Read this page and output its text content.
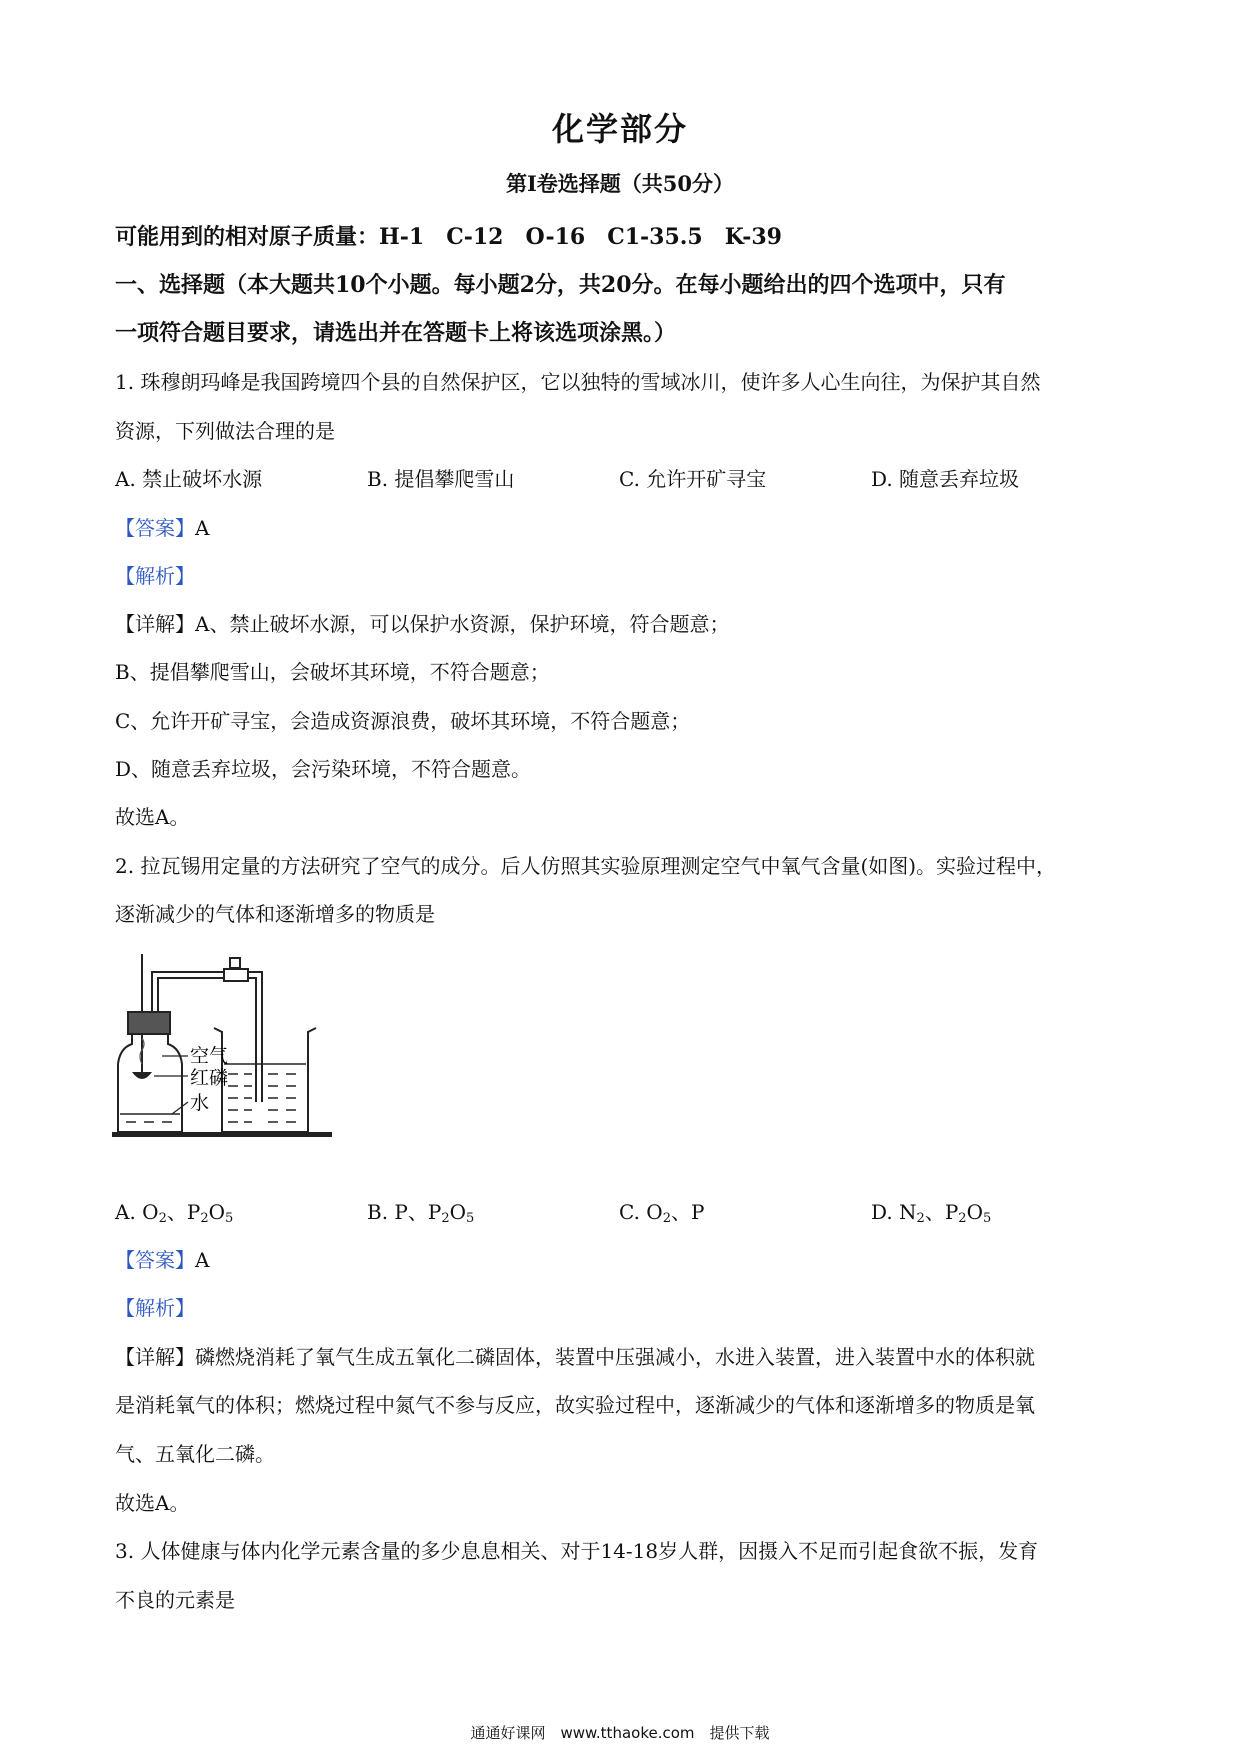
化学部分
第I卷选择题（共50分）
可能用到的相对原子质量：H-1　C-12　O-16　C1-35.5　K-39
一、选择题（本大题共10个小题。每小题2分，共20分。在每小题给出的四个选项中，只有
一项符合题目要求，请选出并在答题卡上将该选项涂黑。）
1. 珠穆朗玛峰是我国跨境四个县的自然保护区，它以独特的雪域冰川，使许多人心生向往，为保护其自然
资源，下列做法合理的是
A. 禁止破坏水源	B. 提倡攀爬雪山	C. 允许开矿寻宝	D. 随意丢弃垃圾
【答案】A
【解析】
【详解】A、禁止破坏水源，可以保护水资源，保护环境，符合题意；
B、提倡攀爬雪山，会破坏其环境，不符合题意；
C、允许开矿寻宝，会造成资源浪费，破坏其环境，不符合题意；
D、随意丢弃垃圾，会污染环境，不符合题意。
故选A。
2. 拉瓦锡用定量的方法研究了空气的成分。后人仿照其实验原理测定空气中氧气含量(如图)。实验过程中，
逐渐减少的气体和逐渐增多的物质是
空气
红磷
水
A. $O_2$、$P_2O_5$	B. P、$P_2O_5$	C. $O_2$、P	D. $N_2$、$P_2O_5$
【答案】A
【解析】
【详解】磷燃烧消耗了氧气生成五氧化二磷固体，装置中压强减小，水进入装置，进入装置中水的体积就
是消耗氧气的体积；燃烧过程中氮气不参与反应，故实验过程中，逐渐减少的气体和逐渐增多的物质是氧
气、五氧化二磷。
故选A。
3. 人体健康与体内化学元素含量的多少息息相关、对于14-18岁人群，因摄入不足而引起食欲不振，发育
不良的元素是
通通好课网　www.tthaoke.com　提供下载
